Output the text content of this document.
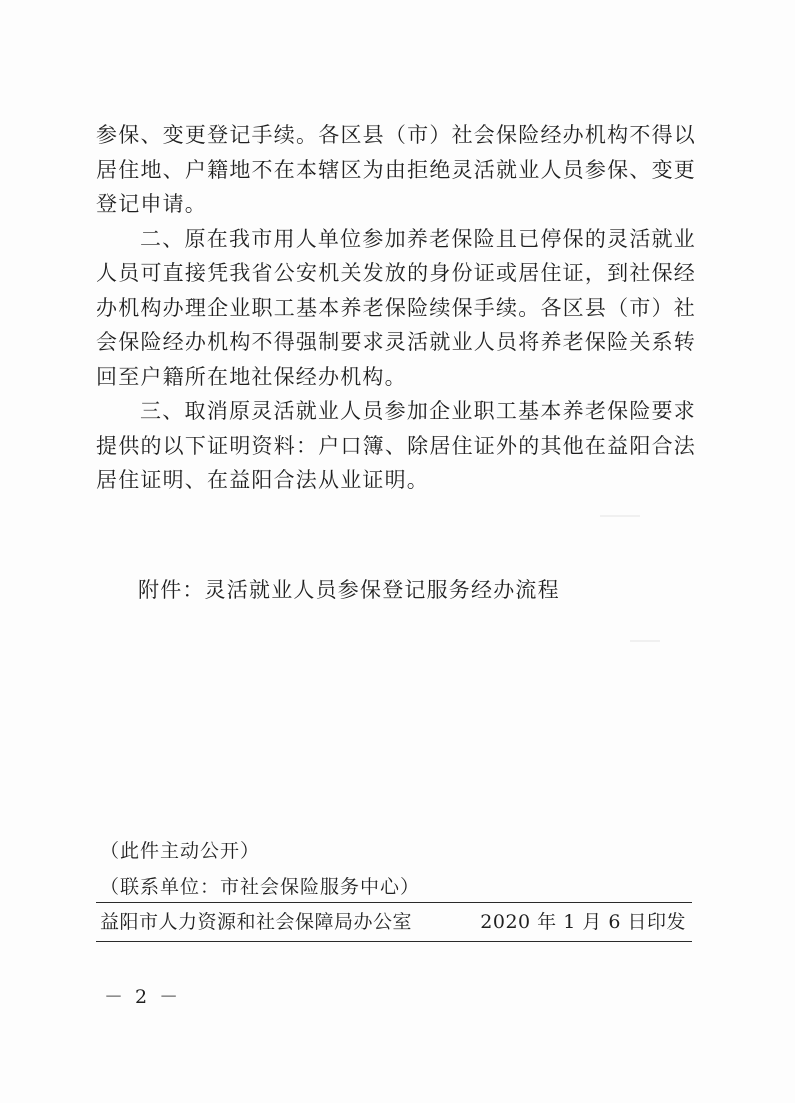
参保、变更登记手续。各区县（市）社会保险经办机构不得以居住地、户籍地不在本辖区为由拒绝灵活就业人员参保、变更登记申请。

二、原在我市用人单位参加养老保险且已停保的灵活就业人员可直接凭我省公安机关发放的身份证或居住证，到社保经办机构办理企业职工基本养老保险续保手续。各区县（市）社会保险经办机构不得强制要求灵活就业人员将养老保险关系转回至户籍所在地社保经办机构。

三、取消原灵活就业人员参加企业职工基本养老保险要求提供的以下证明资料：户口簿、除居住证外的其他在益阳合法居住证明、在益阳合法从业证明。

附件：灵活就业人员参保登记服务经办流程
（此件主动公开）
（联系单位：市社会保险服务中心）
益阳市人力资源和社会保障局办公室	2020 年 1 月 6 日印发
－ 2 －
